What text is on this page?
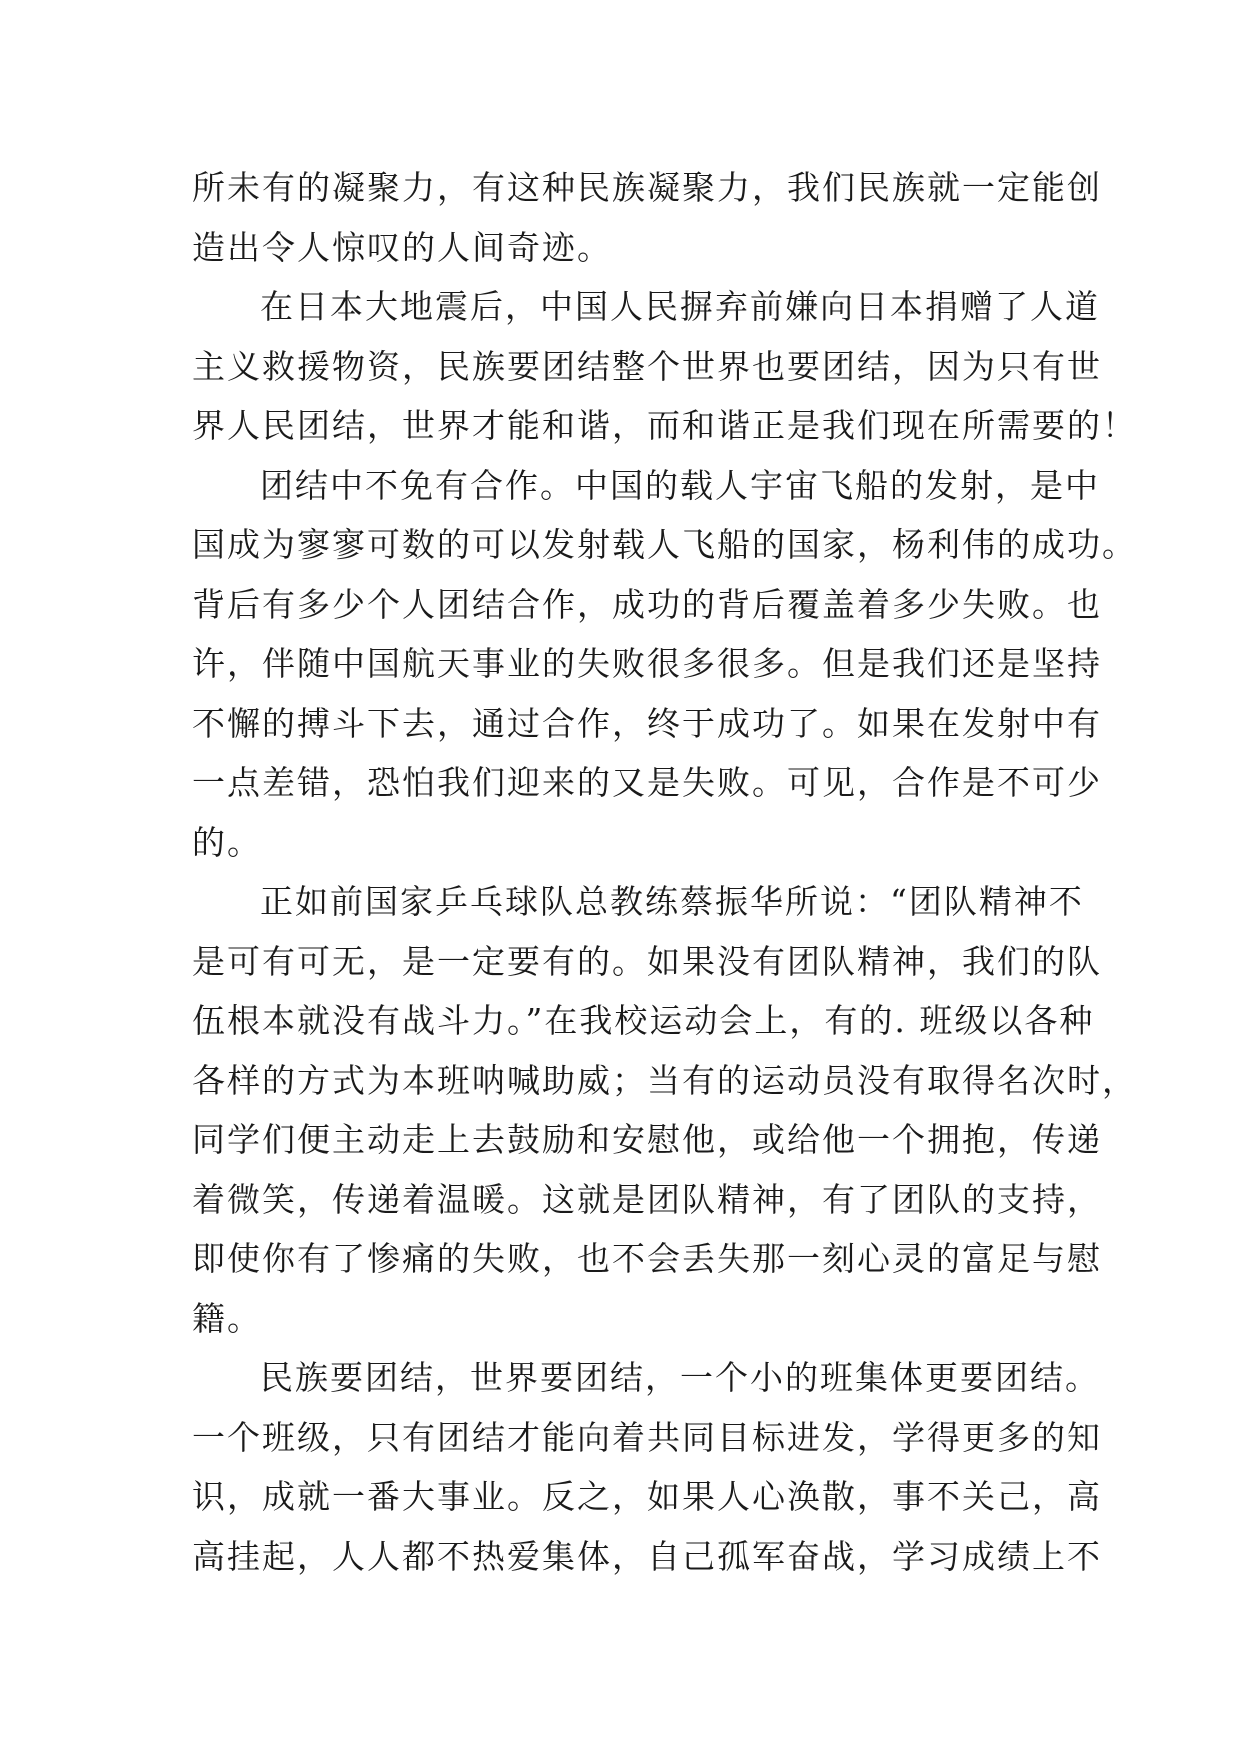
所未有的凝聚力，有这种民族凝聚力，我们民族就一定能创
造出令人惊叹的人间奇迹。
在日本大地震后，中国人民摒弃前嫌向日本捐赠了人道
主义救援物资，民族要团结整个世界也要团结，因为只有世
界人民团结，世界才能和谐，而和谐正是我们现在所需要的！
团结中不免有合作。中国的载人宇宙飞船的发射，是中
国成为寥寥可数的可以发射载人飞船的国家，杨利伟的成功。
背后有多少个人团结合作，成功的背后覆盖着多少失败。也
许，伴随中国航天事业的失败很多很多。但是我们还是坚持
不懈的搏斗下去，通过合作，终于成功了。如果在发射中有
一点差错，恐怕我们迎来的又是失败。可见，合作是不可少
的。
正如前国家乒乓球队总教练蔡振华所说：“团队精神不
是可有可无，是一定要有的。如果没有团队精神，我们的队
伍根本就没有战斗力。”在我校运动会上，有的. 班级以各种
各样的方式为本班呐喊助威；当有的运动员没有取得名次时，
同学们便主动走上去鼓励和安慰他，或给他一个拥抱，传递
着微笑，传递着温暖。这就是团队精神，有了团队的支持，
即使你有了惨痛的失败，也不会丢失那一刻心灵的富足与慰
籍。
民族要团结，世界要团结，一个小的班集体更要团结。
一个班级，只有团结才能向着共同目标进发，学得更多的知
识，成就一番大事业。反之，如果人心涣散，事不关己，高
高挂起，人人都不热爱集体，自己孤军奋战，学习成绩上不
